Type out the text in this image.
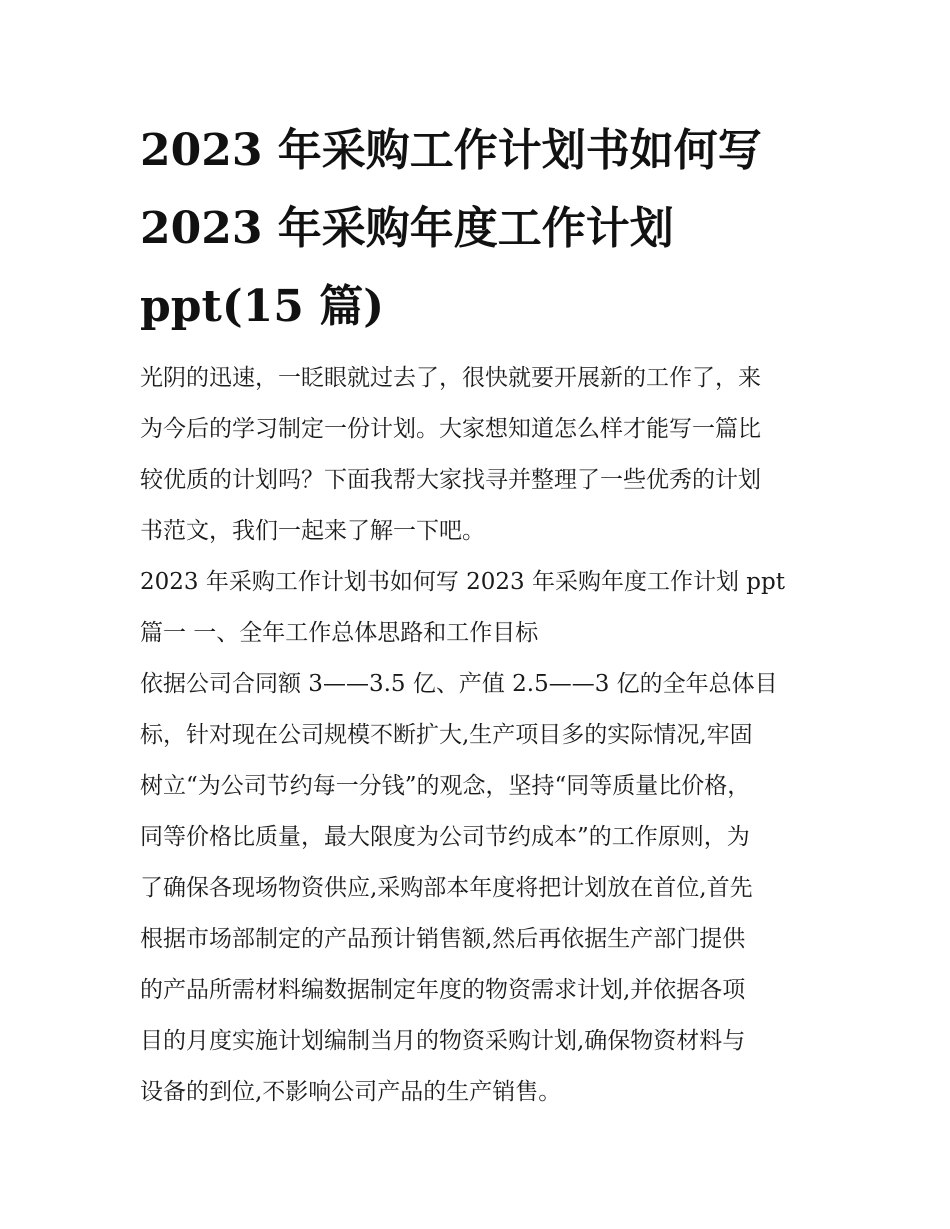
2023 年采购工作计划书如何写
2023 年采购年度工作计划
ppt(15 篇)

光阴的迅速，一眨眼就过去了，很快就要开展新的工作了，来
为今后的学习制定一份计划。大家想知道怎么样才能写一篇比
较优质的计划吗？下面我帮大家找寻并整理了一些优秀的计划
书范文，我们一起来了解一下吧。

2023 年采购工作计划书如何写 2023 年采购年度工作计划 ppt

篇一 一、全年工作总体思路和工作目标

依据公司合同额 3——3.5 亿、产值 2.5——3 亿的全年总体目
标，针对现在公司规模不断扩大,生产项目多的实际情况,牢固
树立“为公司节约每一分钱”的观念，坚持“同等质量比价格，
同等价格比质量，最大限度为公司节约成本”的工作原则，为
了确保各现场物资供应,采购部本年度将把计划放在首位,首先
根据市场部制定的产品预计销售额,然后再依据生产部门提供
的产品所需材料编数据制定年度的物资需求计划,并依据各项
目的月度实施计划编制当月的物资采购计划,确保物资材料与
设备的到位,不影响公司产品的生产销售。
